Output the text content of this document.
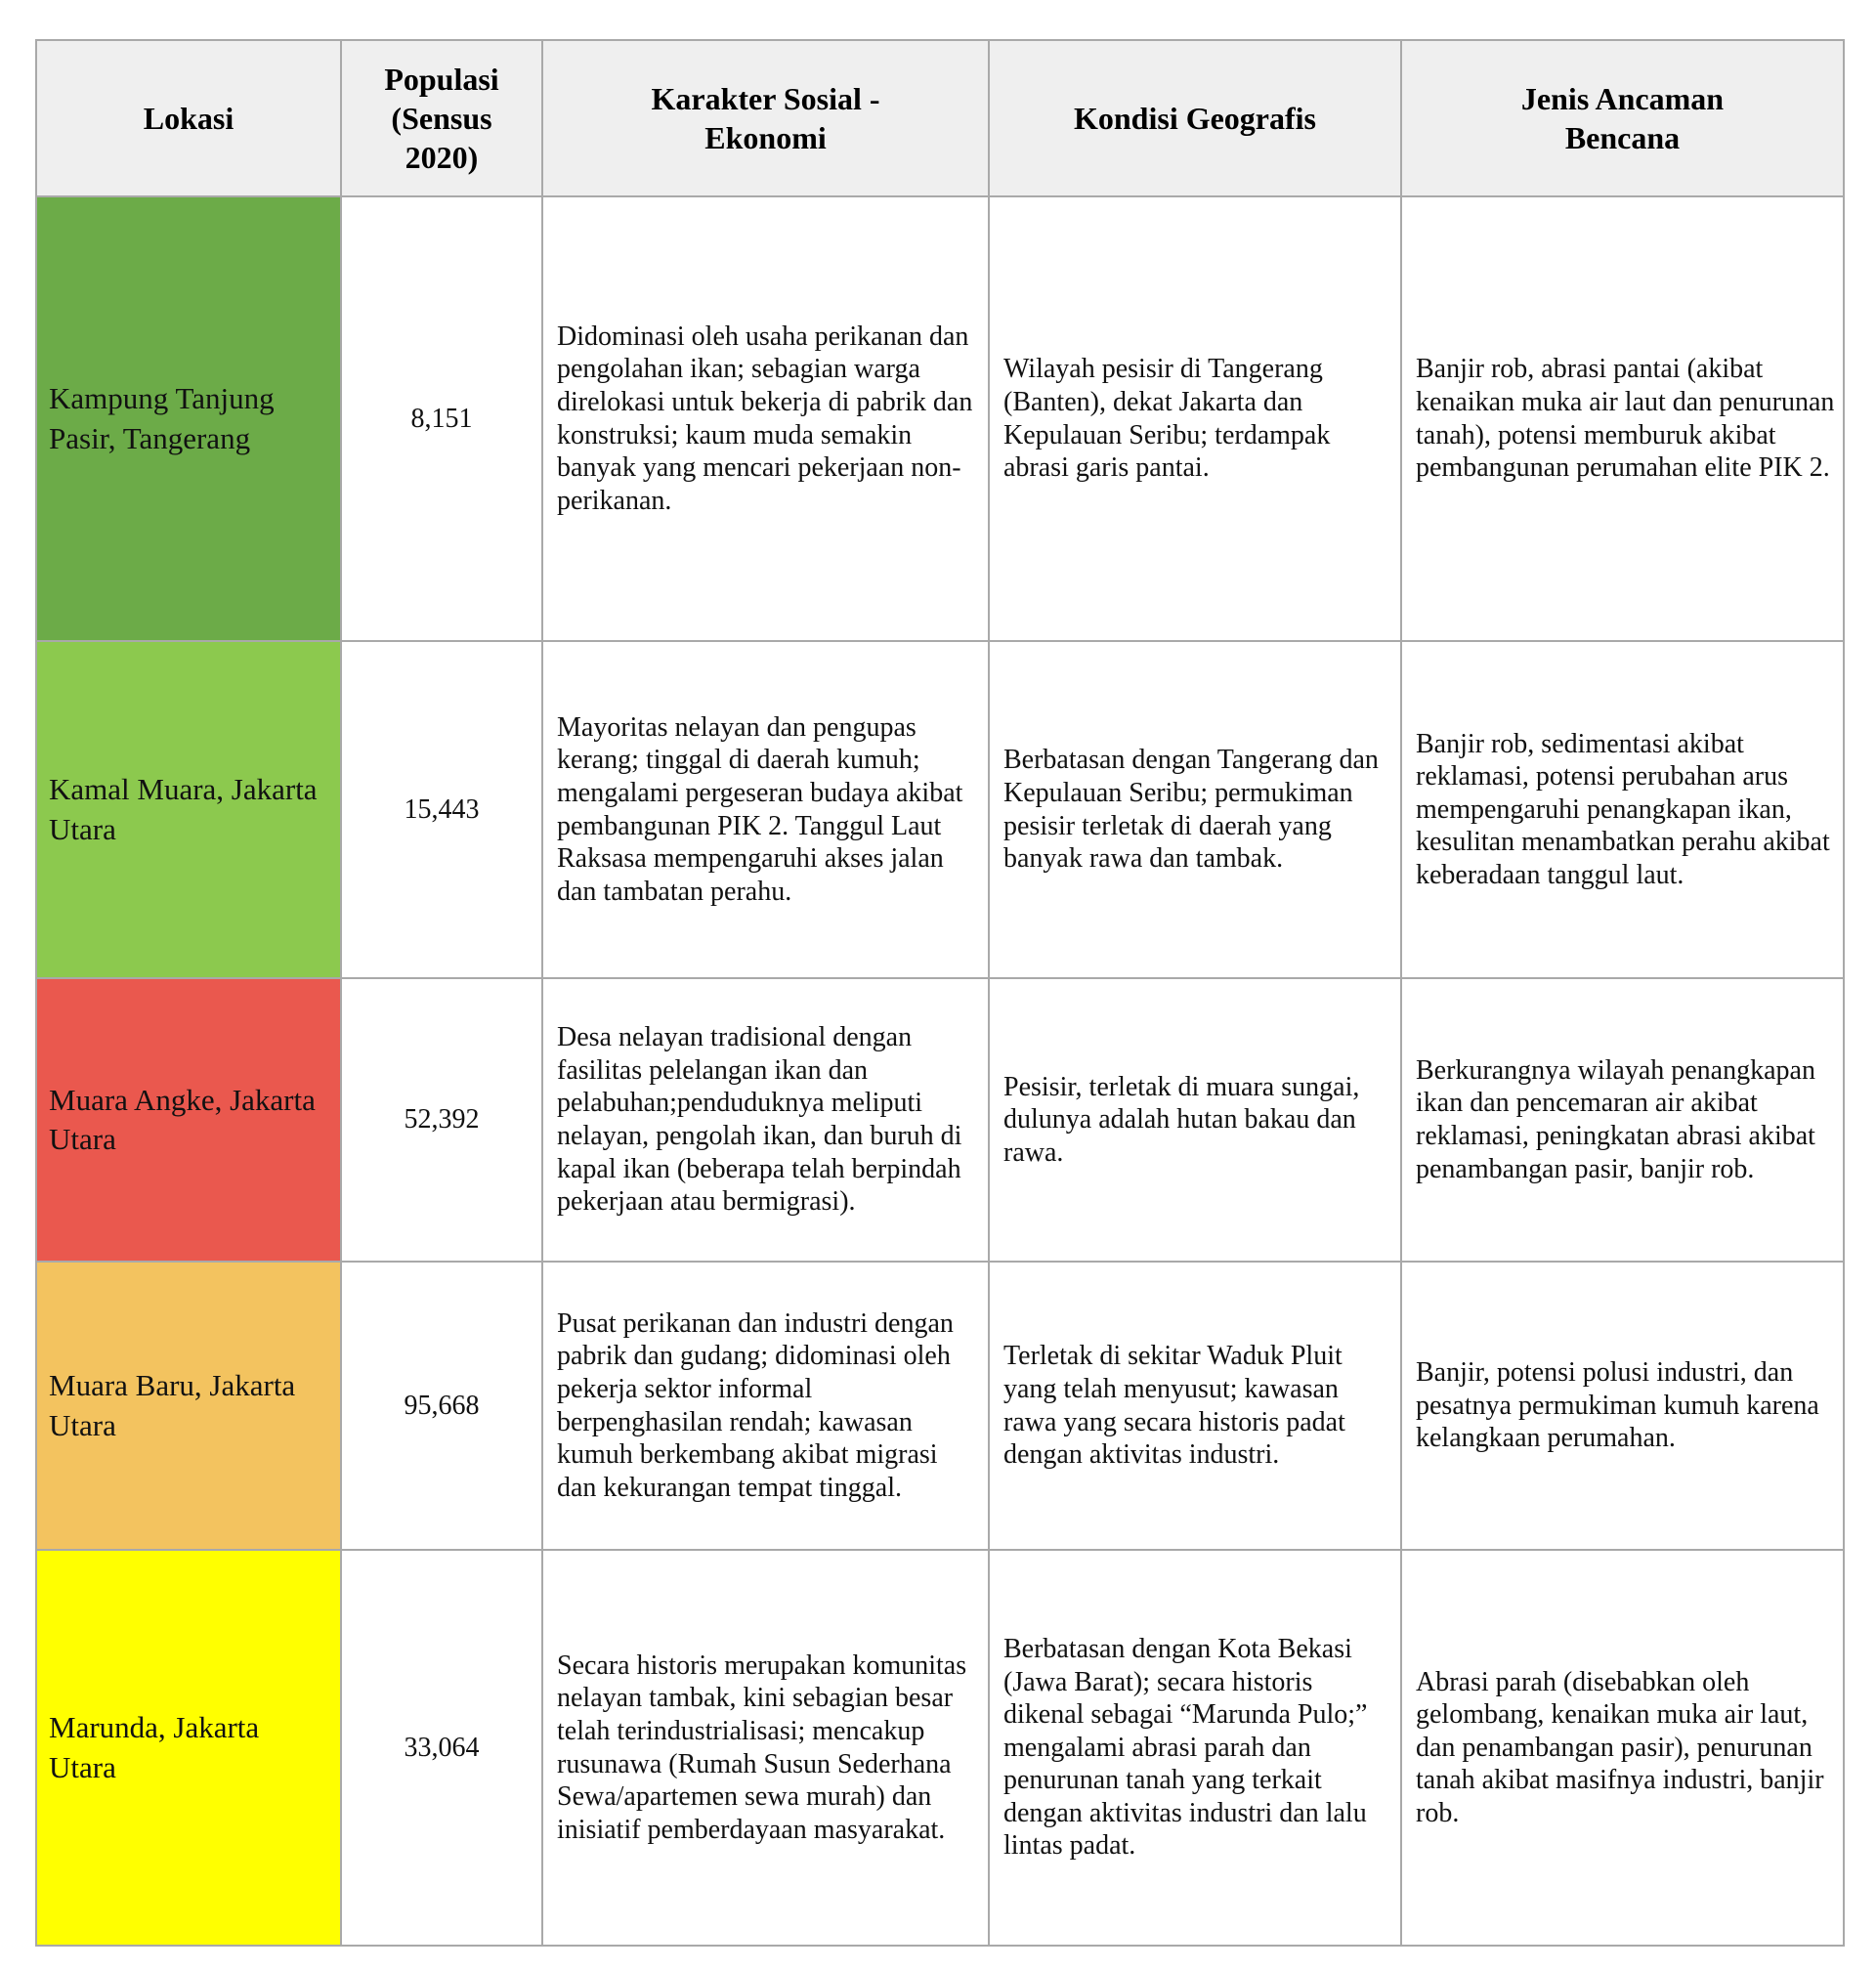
Lokasi	Populasi (Sensus 2020)	Karakter Sosial - Ekonomi	Kondisi Geografis	Jenis Ancaman Bencana
Kampung Tanjung Pasir, Tangerang	8,151	Didominasi oleh usaha perikanan dan pengolahan ikan; sebagian warga direlokasi untuk bekerja di pabrik dan konstruksi; kaum muda semakin banyak yang mencari pekerjaan non-perikanan.	Wilayah pesisir di Tangerang (Banten), dekat Jakarta dan Kepulauan Seribu; terdampak abrasi garis pantai.	Banjir rob, abrasi pantai (akibat kenaikan muka air laut dan penurunan tanah), potensi memburuk akibat pembangunan perumahan elite PIK 2.
Kamal Muara, Jakarta Utara	15,443	Mayoritas nelayan dan pengupas kerang; tinggal di daerah kumuh; mengalami pergeseran budaya akibat pembangunan PIK 2. Tanggul Laut Raksasa mempengaruhi akses jalan dan tambatan perahu.	Berbatasan dengan Tangerang dan Kepulauan Seribu; permukiman pesisir terletak di daerah yang banyak rawa dan tambak.	Banjir rob, sedimentasi akibat reklamasi, potensi perubahan arus mempengaruhi penangkapan ikan, kesulitan menambatkan perahu akibat keberadaan tanggul laut.
Muara Angke, Jakarta Utara	52,392	Desa nelayan tradisional dengan fasilitas pelelangan ikan dan pelabuhan;penduduknya meliputi nelayan, pengolah ikan, dan buruh di kapal ikan (beberapa telah berpindah pekerjaan atau bermigrasi).	Pesisir, terletak di muara sungai, dulunya adalah hutan bakau dan rawa.	Berkurangnya wilayah penangkapan ikan dan pencemaran air akibat reklamasi, peningkatan abrasi akibat penambangan pasir, banjir rob.
Muara Baru, Jakarta Utara	95,668	Pusat perikanan dan industri dengan pabrik dan gudang; didominasi oleh pekerja sektor informal berpenghasilan rendah; kawasan kumuh berkembang akibat migrasi dan kekurangan tempat tinggal.	Terletak di sekitar Waduk Pluit yang telah menyusut; kawasan rawa yang secara historis padat dengan aktivitas industri.	Banjir, potensi polusi industri, dan pesatnya permukiman kumuh karena kelangkaan perumahan.
Marunda, Jakarta Utara	33,064	Secara historis merupakan komunitas nelayan tambak, kini sebagian besar telah terindustrialisasi; mencakup rusunawa (Rumah Susun Sederhana Sewa/apartemen sewa murah) dan inisiatif pemberdayaan masyarakat.	Berbatasan dengan Kota Bekasi (Jawa Barat); secara historis dikenal sebagai “Marunda Pulo;” mengalami abrasi parah dan penurunan tanah yang terkait dengan aktivitas industri dan lalu lintas padat.	Abrasi parah (disebabkan oleh gelombang, kenaikan muka air laut, dan penambangan pasir), penurunan tanah akibat masifnya industri, banjir rob.
